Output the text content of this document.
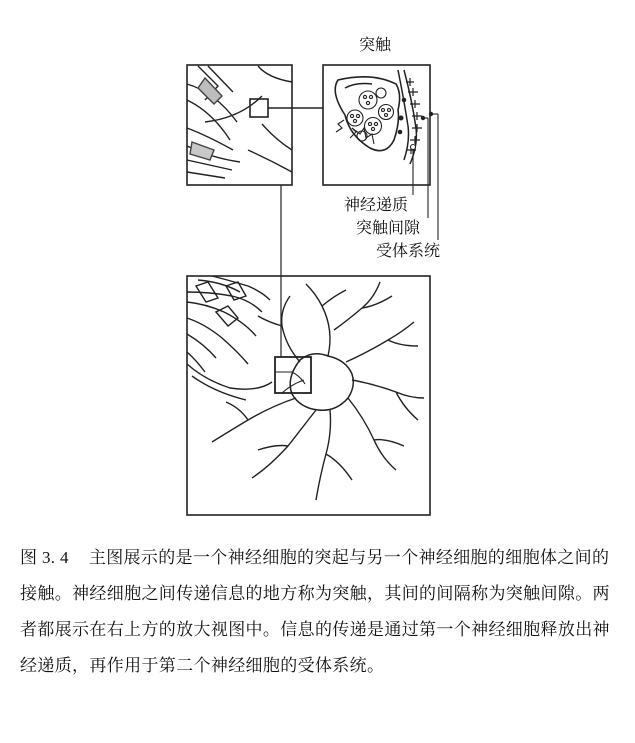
突触
神经递质
突触间隙
受体系统
图 3. 4 主图展示的是一个神经细胞的突起与另一个神经细胞的细胞体之间的接触。神经细胞之间传递信息的地方称为突触，其间的间隔称为突触间隙。两者都展示在右上方的放大视图中。信息的传递是通过第一个神经细胞释放出神经递质，再作用于第二个神经细胞的受体系统。
